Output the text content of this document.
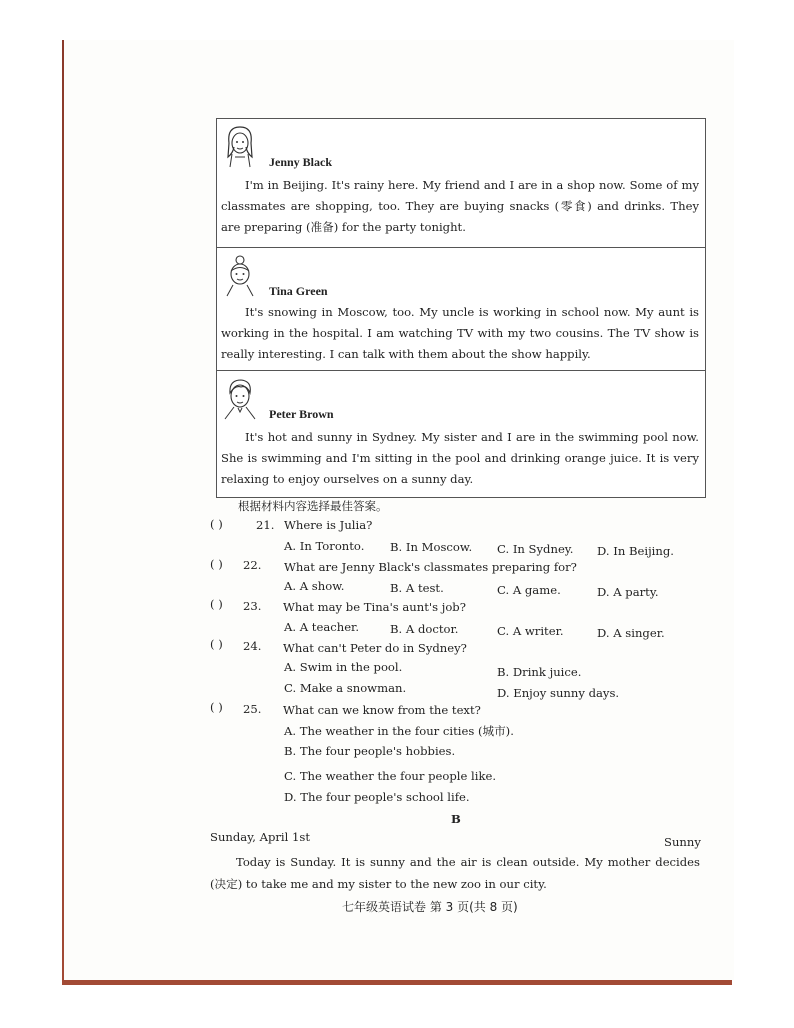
Jenny Black
I'm in Beijing. It's rainy here. My friend and I are in a shop now. Some of my classmates are shopping, too. They are buying snacks (零食) and drinks. They are preparing (准备) for the party tonight.
Tina Green
It's snowing in Moscow, too. My uncle is working in school now. My aunt is working in the hospital. I am watching TV with my two cousins. The TV show is really interesting. I can talk with them about the show happily.
Peter Brown
It's hot and sunny in Sydney. My sister and I are in the swimming pool now. She is swimming and I'm sitting in the pool and drinking orange juice. It is very relaxing to enjoy ourselves on a sunny day.
根据材料内容选择最佳答案。
( )	21. Where is Julia?
A. In Toronto. B. In Moscow. C. In Sydney. D. In Beijing.
( ) 22. What are Jenny Black's classmates preparing for?
A. A show.	B. A test.	C. A game.	D. A party.
( ) 23. What may be Tina's aunt's job?
A. A teacher.	B. A doctor.	C. A writer.	D. A singer.
( ) 24. What can't Peter do in Sydney?
A. Swim in the pool.	B. Drink juice.
C. Make a snowman.	D. Enjoy sunny days.
( ) 25. What can we know from the text?
A. The weather in the four cities (城市).
B. The four people's hobbies.
C. The weather the four people like.
D. The four people's school life.
B
Sunday, April 1st	Sunny
Today is Sunday. It is sunny and the air is clean outside. My mother decides (决定) to take me and my sister to the new zoo in our city.
七年级英语试卷 第 3 页(共 8 页)
